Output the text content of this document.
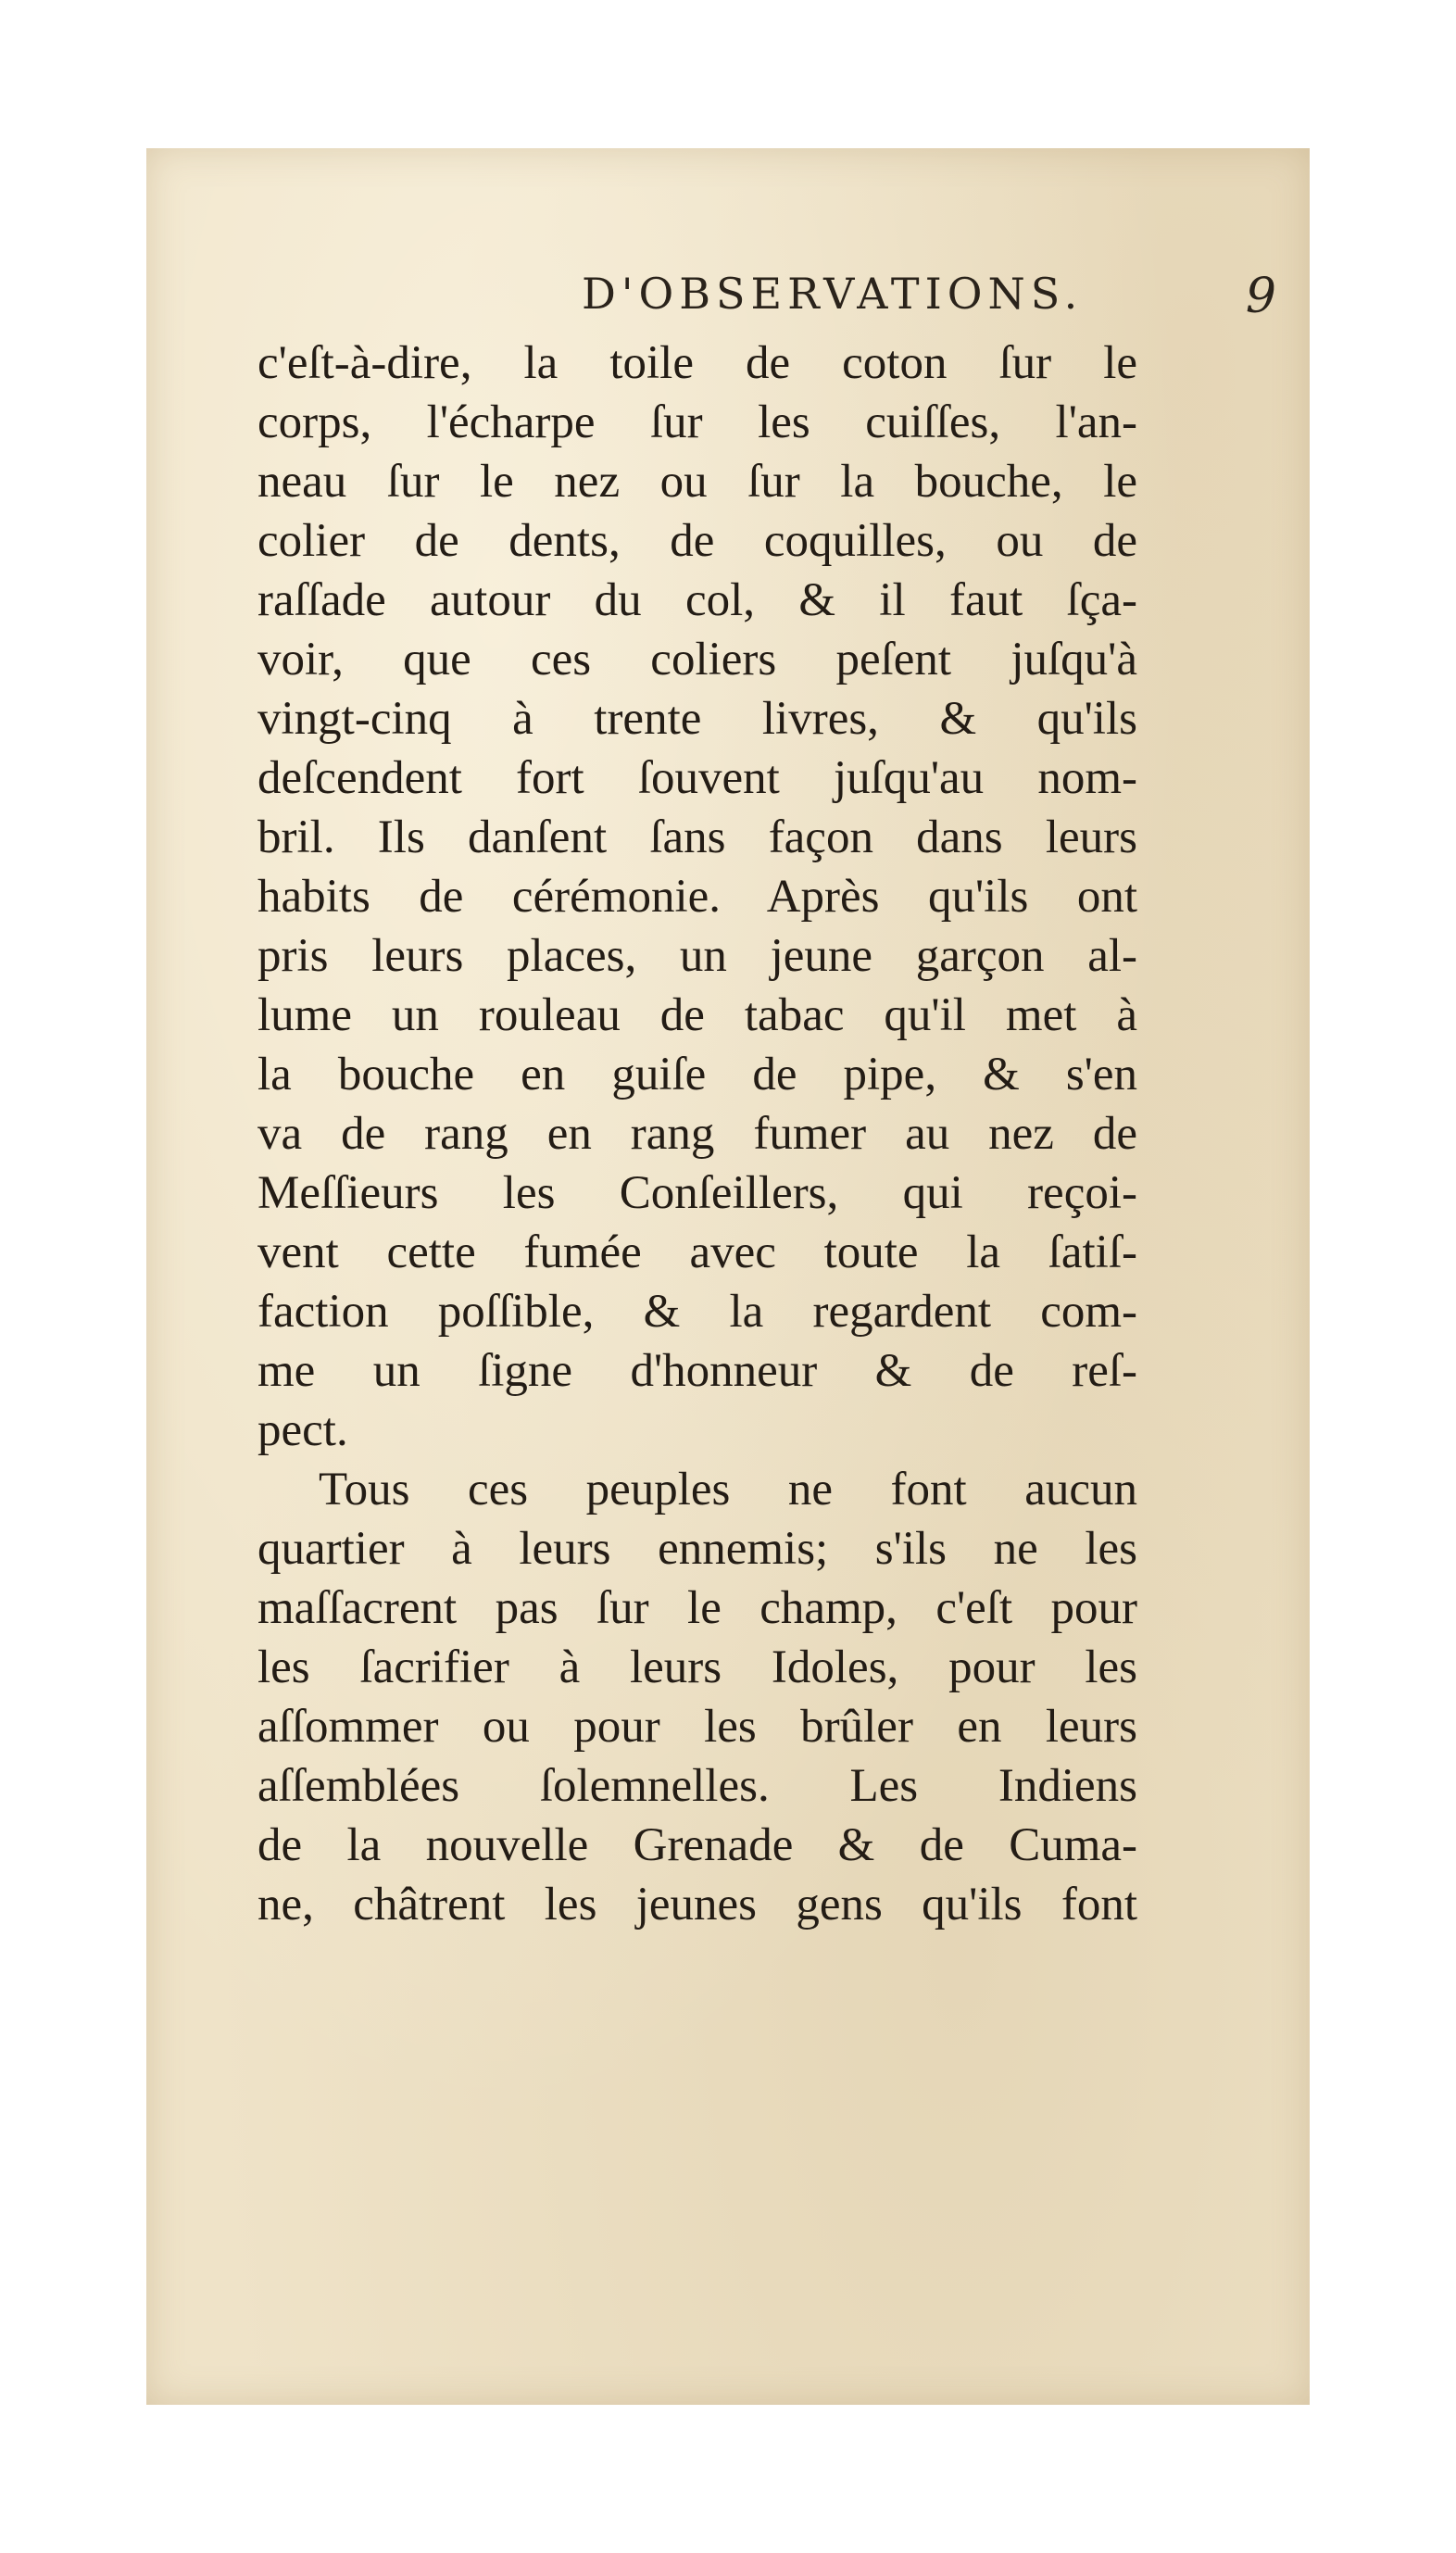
D'OBSERVATIONS.	9
c'eſt-à-dire, la toile de coton ſur le
corps, l'écharpe ſur les cuiſſes, l'an-
neau ſur le nez ou ſur la bouche, le
colier de dents, de coquilles, ou de
raſſade autour du col, & il faut ſça-
voir, que ces coliers peſent juſqu'à
vingt-cinq à trente livres, & qu'ils
deſcendent fort ſouvent juſqu'au nom-
bril. Ils danſent ſans façon dans leurs
habits de cérémonie. Après qu'ils ont
pris leurs places, un jeune garçon al-
lume un rouleau de tabac qu'il met à
la bouche en guiſe de pipe, & s'en
va de rang en rang fumer au nez de
Meſſieurs les Conſeillers, qui reçoi-
vent cette fumée avec toute la ſatiſ-
faction poſſible, & la regardent com-
me un ſigne d'honneur & de reſ-
pect.
Tous ces peuples ne font aucun
quartier à leurs ennemis; s'ils ne les
maſſacrent pas ſur le champ, c'eſt pour
les ſacrifier à leurs Idoles, pour les
aſſommer ou pour les brûler en leurs
aſſemblées ſolemnelles. Les Indiens
de la nouvelle Grenade & de Cuma-
ne, châtrent les jeunes gens qu'ils font
